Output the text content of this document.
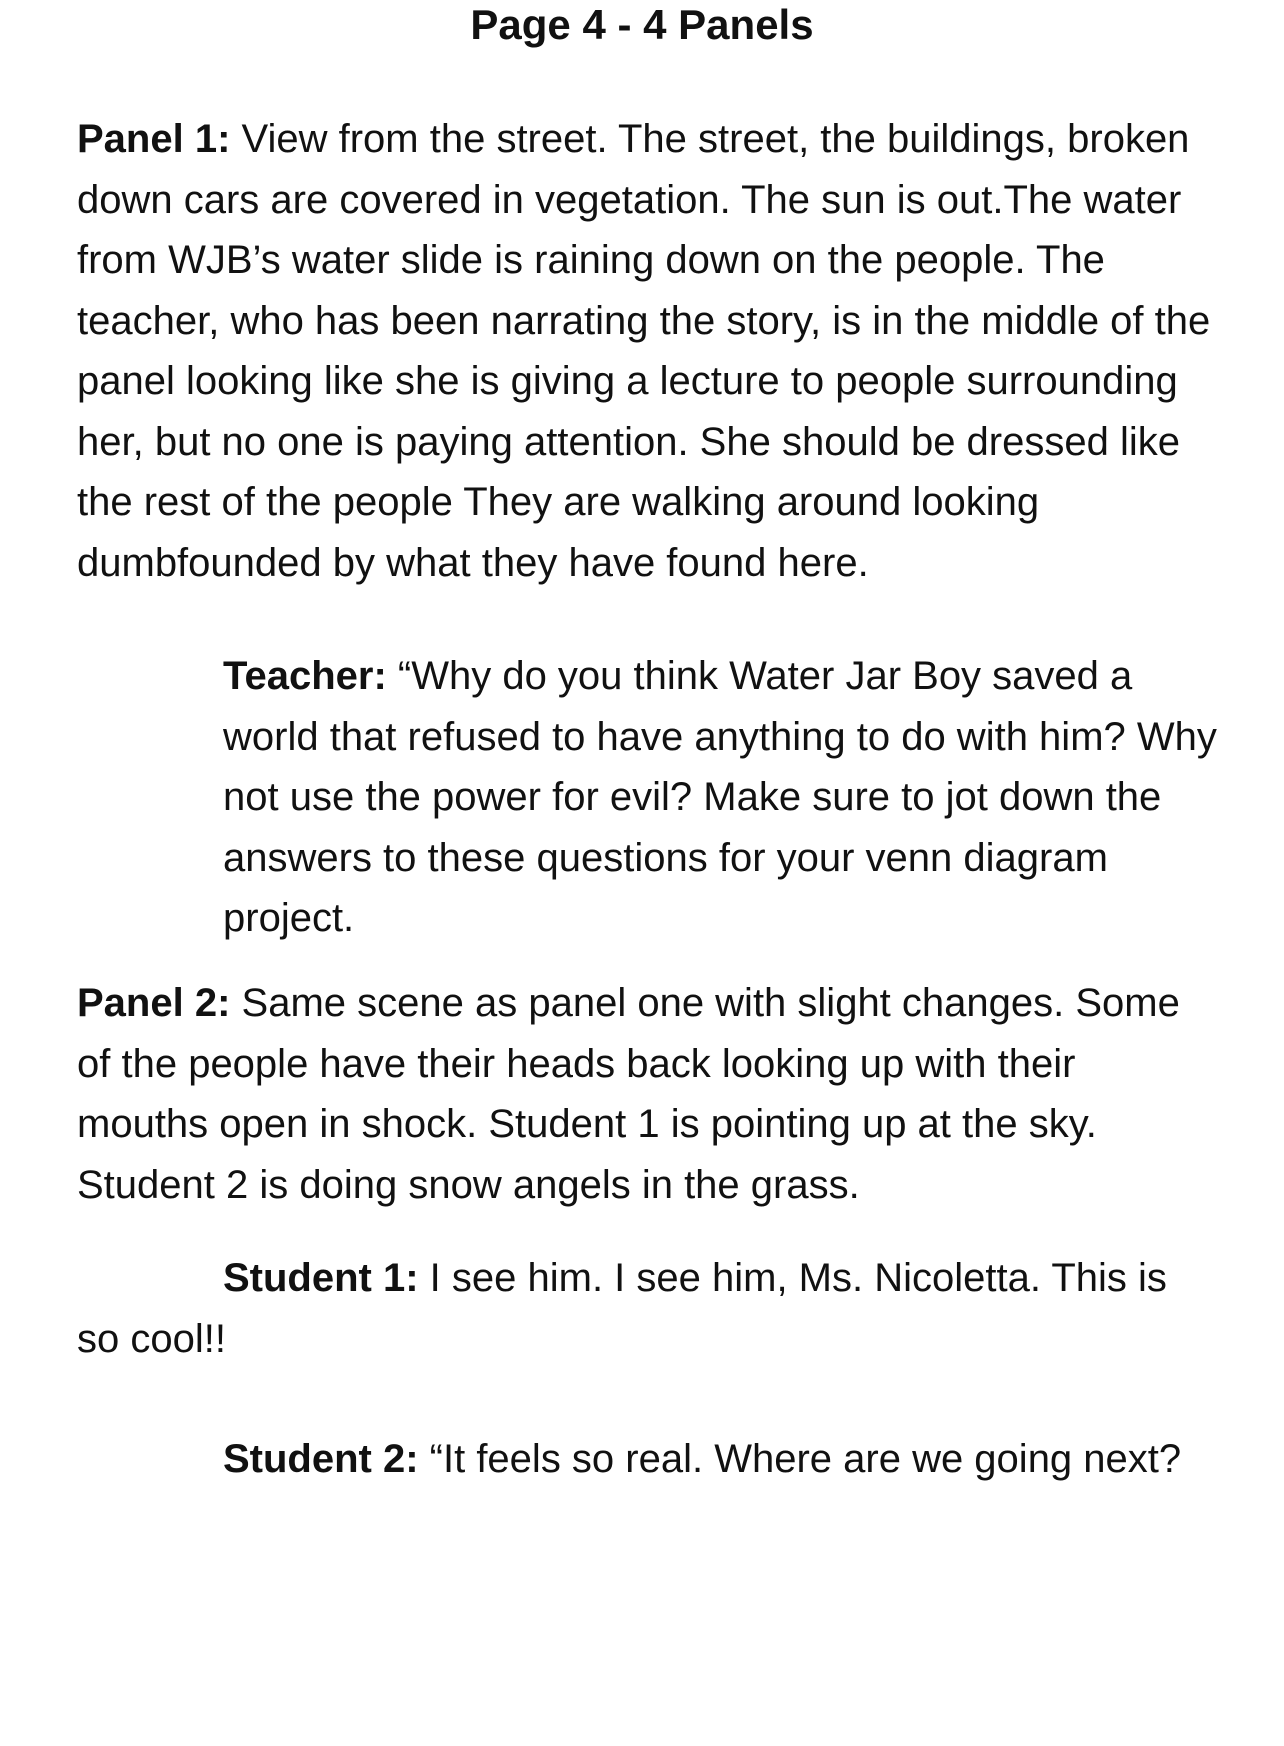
Page 4 - 4 Panels

Panel 1: View from the street. The street, the buildings, broken down cars are covered in vegetation. The sun is out.The water from WJB’s water slide is raining down on the people. The teacher, who has been narrating the story, is in the middle of the panel looking like she is giving a lecture to people surrounding her, but no one is paying attention. She should be dressed like the rest of the people They are walking around looking dumbfounded by what they have found here.

Teacher: “Why do you think Water Jar Boy saved a world that refused to have anything to do with him? Why not use the power for evil? Make sure to jot down the answers to these questions for your venn diagram project.

Panel 2: Same scene as panel one with slight changes. Some of the people have their heads back looking up with their mouths open in shock. Student 1 is pointing up at the sky. Student 2 is doing snow angels in the grass.

Student 1: I see him. I see him, Ms. Nicoletta. This is so cool!!

Student 2: “It feels so real. Where are we going next?
